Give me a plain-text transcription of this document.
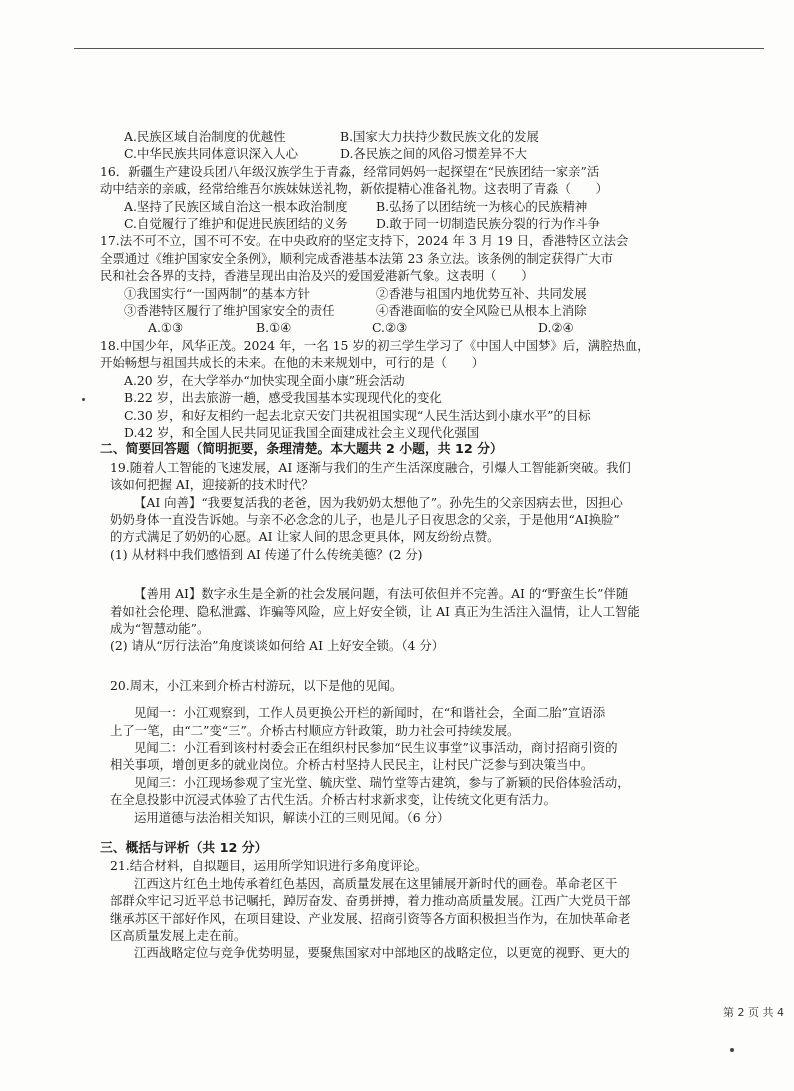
A.民族区域自治制度的优越性	B.国家大力扶持少数民族文化的发展
C.中华民族共同体意识深入人心	D.各民族之间的风俗习惯差异不大
16．新疆生产建设兵团八年级汉族学生于青淼，经常同妈妈一起探望在“民族团结一家亲”活
动中结亲的亲戚，经常给维吾尔族妹妹送礼物，新依提精心准备礼物。这表明了青淼（　　）
A.坚持了民族区域自治这一根本政治制度	B.弘扬了以团结统一为核心的民族精神
C.自觉履行了维护和促进民族团结的义务	D.敢于同一切制造民族分裂的行为作斗争
17.法不可不立，国不可不安。在中央政府的坚定支持下，2024 年 3 月 19 日，香港特区立法会
全票通过《维护国家安全条例》，顺利完成香港基本法第 23 条立法。该条例的制定获得广大市
民和社会各界的支持，香港呈现出由治及兴的爱国爱港新气象。这表明（　　）
①我国实行“一国两制”的基本方针	②香港与祖国内地优势互补、共同发展
③香港特区履行了维护国家安全的责任	④香港面临的安全风险已从根本上消除
A.①③	B.①④	C.②③	D.②④
18.中国少年，风华正茂。2024 年，一名 15 岁的初三学生学习了《中国人中国梦》后，满腔热血，
开始畅想与祖国共成长的未来。在他的未来规划中，可行的是（　　）
A.20 岁，在大学举办“加快实现全面小康”班会活动
B.22 岁，出去旅游一趟，感受我国基本实现现代化的变化
C.30 岁，和好友相约一起去北京天安门共祝祖国实现“人民生活达到小康水平”的目标
D.42 岁，和全国人民共同见证我国全面建成社会主义现代化强国
二、简要回答题（简明扼要，条理清楚。本大题共 2 小题，共 12 分）
19.随着人工智能的飞速发展，AI 逐渐与我们的生产生活深度融合，引爆人工智能新突破。我们
该如何把握 AI，迎接新的技术时代？
【AI 向善】“我要复活我的老爸，因为我奶奶太想他了”。孙先生的父亲因病去世，因担心
奶奶身体一直没告诉她。与亲不必念念的儿子，也是儿子日夜思念的父亲，于是他用“AI换脸”
的方式满足了奶奶的心愿。AI 让家人间的思念更具体，网友纷纷点赞。
(1) 从材料中我们感悟到 AI 传递了什么传统美德？(2 分)
【善用 AI】数字永生是全新的社会发展问题，有法可依但并不完善。AI 的“野蛮生长”伴随
着如社会伦理、隐私泄露、诈骗等风险，应上好安全锁，让 AI 真正为生活注入温情，让人工智能
成为“智慧动能”。
(2) 请从“厉行法治”角度谈谈如何给 AI 上好安全锁。（4 分）
20.周末，小江来到介桥古村游玩，以下是他的见闻。
见闻一：小江观察到，工作人员更换公开栏的新闻时，在“和谐社会，全面二胎”宣语添
上了一笔，由“二”变“三”。介桥古村顺应方针政策，助力社会可持续发展。
见闻二：小江看到该村村委会正在组织村民参加“民生议事堂”议事活动，商讨招商引资的
相关事项，增创更多的就业岗位。介桥古村坚持人民民主，让村民广泛参与到决策当中。
见闻三：小江现场参观了宝光堂、毓庆堂、瑞竹堂等古建筑，参与了新颖的民俗体验活动，
在全息投影中沉浸式体验了古代生活。介桥古村求新求变，让传统文化更有活力。
运用道德与法治相关知识，解读小江的三则见闻。（6 分）
三、概括与评析（共 12 分）
21.结合材料，自拟题目，运用所学知识进行多角度评论。
江西这片红色土地传承着红色基因，高质量发展在这里铺展开新时代的画卷。革命老区干
部群众牢记习近平总书记嘱托，踔厉奋发、奋勇拼搏，着力推动高质量发展。江西广大党员干部
继承苏区干部好作风，在项目建设、产业发展、招商引资等各方面积极担当作为，在加快革命老
区高质量发展上走在前。
江西战略定位与竞争优势明显，要聚焦国家对中部地区的战略定位，以更宽的视野、更大的
第 2 页 共 4
